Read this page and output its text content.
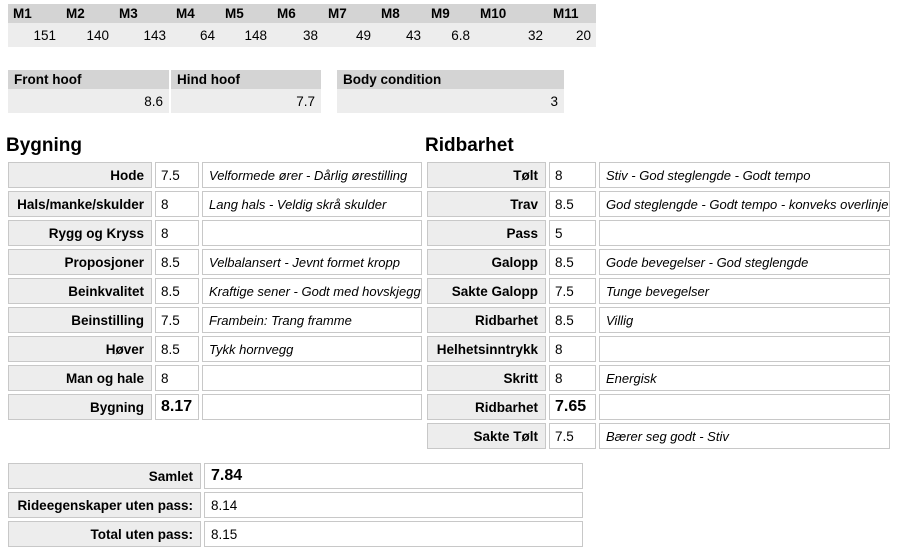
M1	M2	M3	M4	M5	M6	M7	M8	M9	M10	M11
151	140	143	64	148	38	49	43	6.8	32	20
Front hoof	Hind hoof
8.6	7.7
Body condition
3
Bygning	Ridbarhet
Hode	7.5	Velformede ører - Dårlig ørestilling
Hals/manke/skulder	8	Lang hals - Veldig skrå skulder
Rygg og Kryss	8	
Proposjoner	8.5	Velbalansert - Jevnt formet kropp
Beinkvalitet	8.5	Kraftige sener - Godt med hovskjegg
Beinstilling	7.5	Frambein: Trang framme
Høver	8.5	Tykk hornvegg
Man og hale	8	
Bygning	8.17	
Tølt	8	Stiv - God steglengde - Godt tempo
Trav	8.5	God steglengde - Godt tempo - konveks overlinje
Pass	5	
Galopp	8.5	Gode bevegelser - God steglengde
Sakte Galopp	7.5	Tunge bevegelser
Ridbarhet	8.5	Villig
Helhetsinntrykk	8	
Skritt	8	Energisk
Ridbarhet	7.65	
Sakte Tølt	7.5	Bærer seg godt - Stiv
Samlet	7.84
Rideegenskaper uten pass:	8.14
Total uten pass:	8.15
